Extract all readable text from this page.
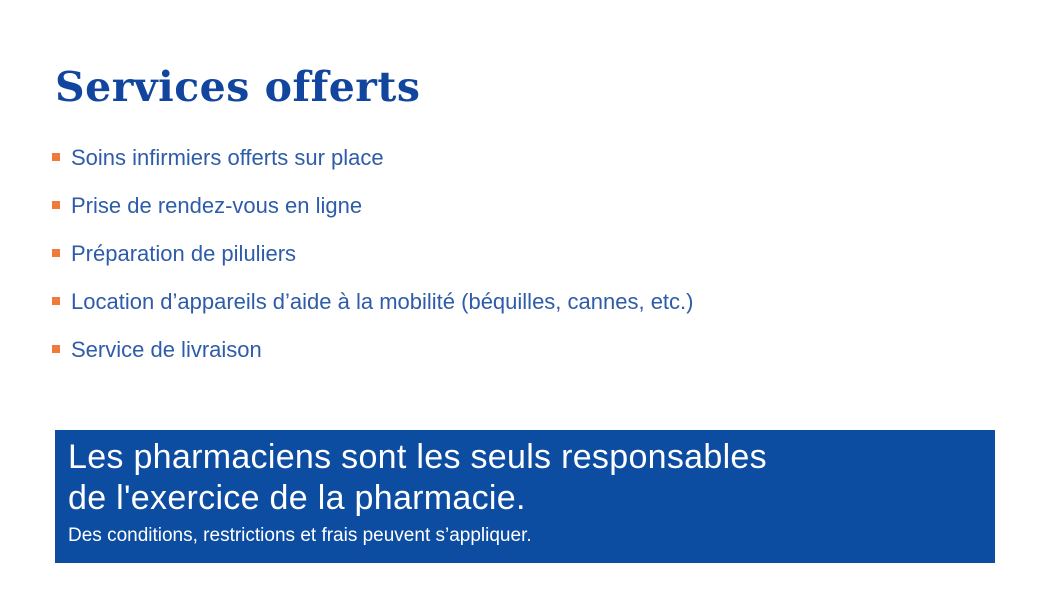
Services offerts
Soins infirmiers offerts sur place
Prise de rendez-vous en ligne
Préparation de piluliers
Location d’appareils d’aide à la mobilité (béquilles, cannes, etc.)
Service de livraison

Les pharmaciens sont les seuls responsables

de l'exercice de la pharmacie.

Des conditions, restrictions et frais peuvent s’appliquer.
